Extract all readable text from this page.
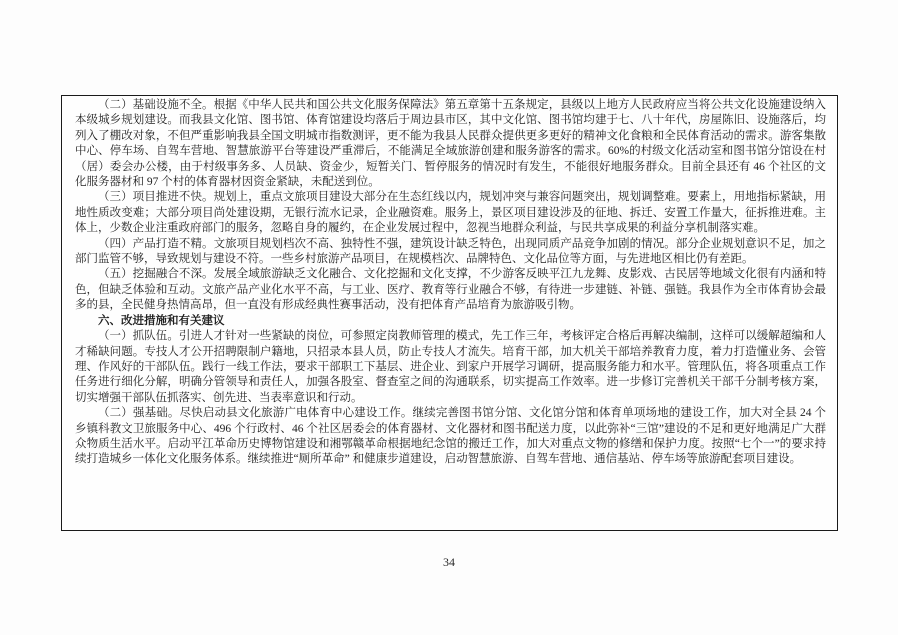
（二）基础设施不全。根据《中华人民共和国公共文化服务保障法》第五章第十五条规定，县级以上地方人民政府应当将公共文化设施建设纳入本级城乡规划建设。而我县文化馆、图书馆、体育馆建设均落后于周边县市区，其中文化馆、图书馆均建于七、八十年代，房屋陈旧、设施落后，均列入了棚改对象，不但严重影响我县全国文明城市指数测评，更不能为我县人民群众提供更多更好的精神文化食粮和全民体育活动的需求。游客集散中心、停车场、自驾车营地、智慧旅游平台等建设严重滞后，不能满足全域旅游创建和服务游客的需求。60%的村级文化活动室和图书馆分馆设在村（居）委会办公楼，由于村级事务多、人员缺、资金少，短暂关门、暂停服务的情况时有发生，不能很好地服务群众。目前全县还有 46 个社区的文化服务器材和 97 个村的体育器材因资金紧缺，未配送到位。

（三）项目推进不快。规划上，重点文旅项目建设大部分在生态红线以内，规划冲突与兼容问题突出，规划调整难。要素上，用地指标紧缺，用地性质改变难；大部分项目尚处建设期，无银行流水记录，企业融资难。服务上，景区项目建设涉及的征地、拆迁、安置工作量大，征拆推进难。主体上，少数企业注重政府部门的服务，忽略自身的履约，在企业发展过程中，忽视当地群众利益，与民共享成果的利益分享机制落实难。

（四）产品打造不精。文旅项目规划档次不高、独特性不强，建筑设计缺乏特色，出现同质产品竞争加剧的情况。部分企业规划意识不足，加之部门监管不够，导致规划与建设不符。一些乡村旅游产品项目，在规模档次、品牌特色、文化品位等方面，与先进地区相比仍有差距。

（五）挖掘融合不深。发展全域旅游缺乏文化融合、文化挖掘和文化支撑，不少游客反映平江九龙舞、皮影戏、古民居等地域文化很有内涵和特色，但缺乏体验和互动。文旅产品产业化水平不高，与工业、医疗、教育等行业融合不够，有待进一步建链、补链、强链。我县作为全市体育协会最多的县，全民健身热情高昂，但一直没有形成经典性赛事活动，没有把体育产品培育为旅游吸引物。

六、改进措施和有关建议

（一）抓队伍。引进人才针对一些紧缺的岗位，可参照定岗教师管理的模式，先工作三年，考核评定合格后再解决编制，这样可以缓解超编和人才稀缺问题。专技人才公开招聘限制户籍地，只招录本县人员，防止专技人才流失。培育干部，加大机关干部培养教育力度，着力打造懂业务、会管理、作风好的干部队伍。践行一线工作法，要求干部职工下基层、进企业、到家户开展学习调研，提高服务能力和水平。管理队伍，将各项重点工作任务进行细化分解，明确分管领导和责任人，加强各股室、督查室之间的沟通联系，切实提高工作效率。进一步修订完善机关干部千分制考核方案，切实增强干部队伍抓落实、创先进、当表率意识和行动。

（二）强基础。尽快启动县文化旅游广电体育中心建设工作。继续完善图书馆分馆、文化馆分馆和体育单项场地的建设工作，加大对全县 24 个乡镇科教文卫旅服务中心、496 个行政村、46 个社区居委会的体育器材、文化器材和图书配送力度，以此弥补“三馆”建设的不足和更好地满足广大群众物质生活水平。启动平江革命历史博物馆建设和湘鄂赣革命根据地纪念馆的搬迁工作，加大对重点文物的修缮和保护力度。按照“七个一”的要求持续打造城乡一体化文化服务体系。继续推进“厕所革命” 和健康步道建设，启动智慧旅游、自驾车营地、通信基站、停车场等旅游配套项目建设。

34
